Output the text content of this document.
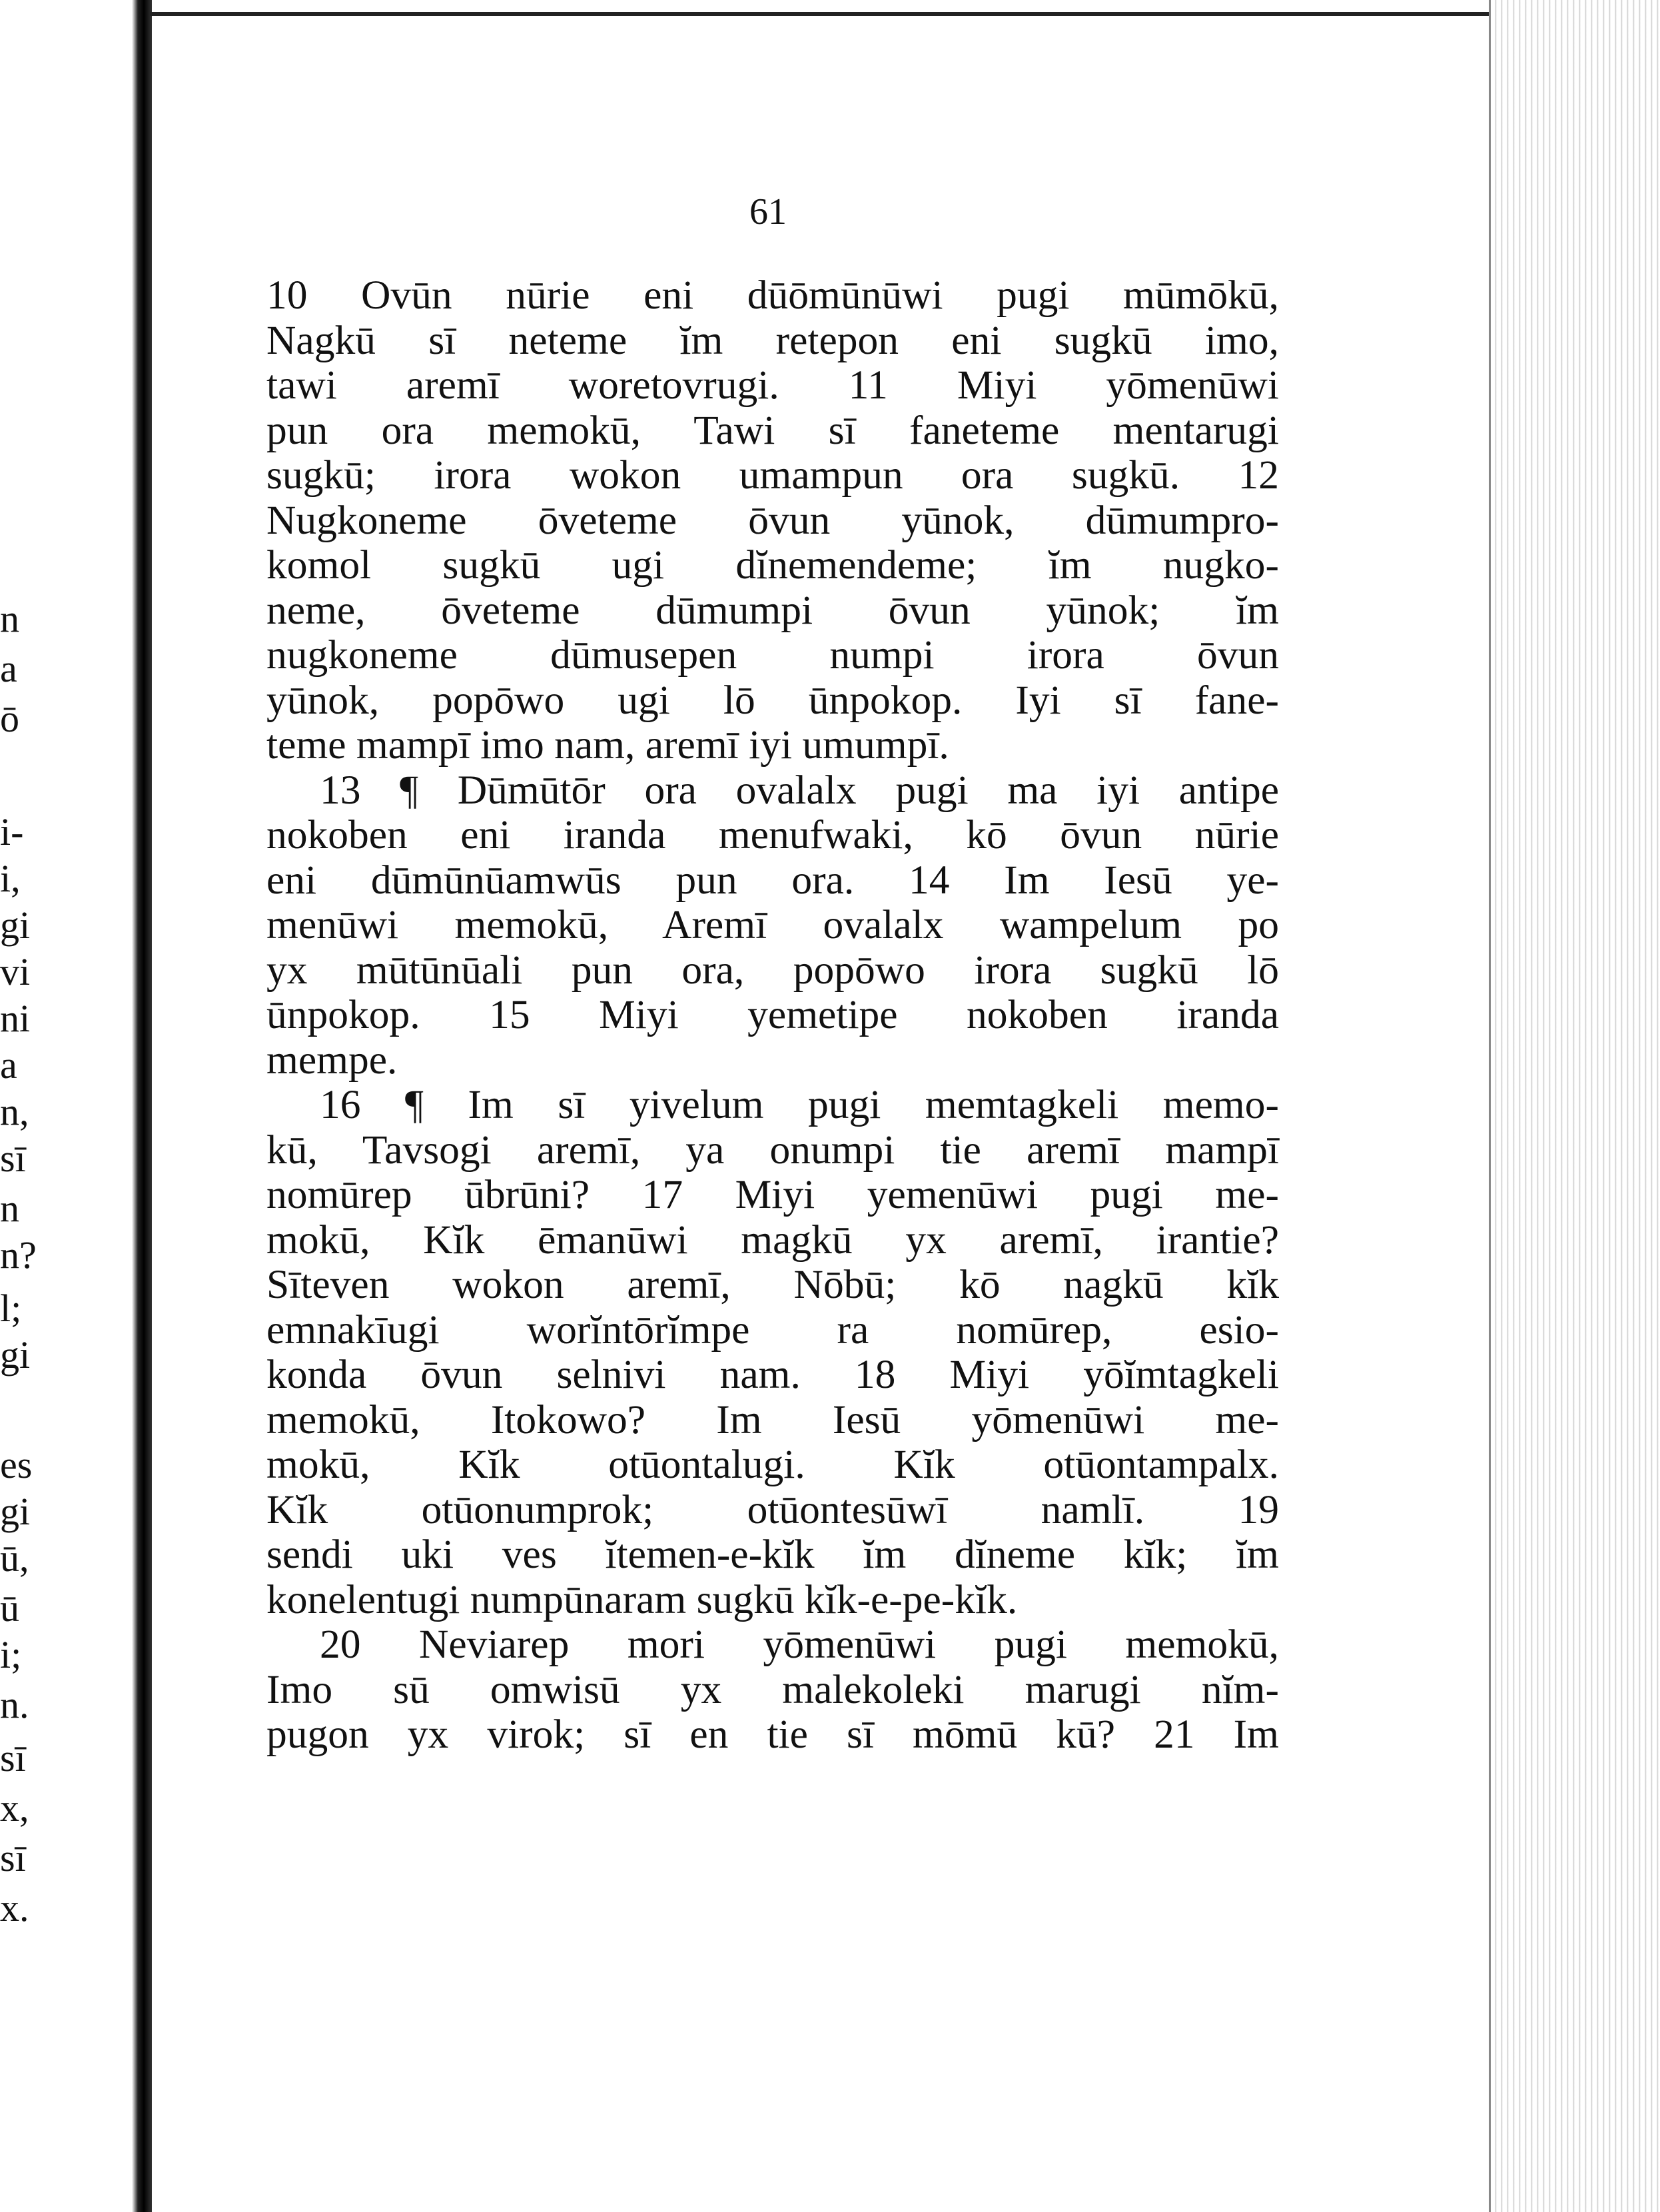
n
a
ō
i-
i,
gi
vi
ni
a
n,
sī
n
n?
l;
gi
es
gi
ū,
ū
i;
n.
sī
x,
sī
x.
61
10 Ovūn nūrie eni dūōmūnūwi pugi mūmōkū,
Nagkū sī neteme ĭm retepon eni sugkū imo,
tawi aremī woretovrugi. 11 Miyi yōmenūwi
pun ora memokū, Tawi sī faneteme mentarugi
sugkū; irora wokon umampun ora sugkū. 12
Nugkoneme ōveteme ōvun yūnok, dūmumpro-
komol sugkū ugi dĭnemendeme; ĭm nugko-
neme, ōveteme dūmumpi ōvun yūnok; ĭm
nugkoneme dūmusepen numpi irora ōvun
yūnok, popōwo ugi lō ūnpokop. Iyi sī fane-
teme mampī imo nam, aremī iyi umumpī.
13 ¶ Dūmūtōr ora ovalalx pugi ma iyi antipe
nokoben eni iranda menufwaki, kō ōvun nūrie
eni dūmūnūamwūs pun ora. 14 Im Iesū ye-
menūwi memokū, Aremī ovalalx wampelum po
yx mūtūnūali pun ora, popōwo irora sugkū lō
ūnpokop. 15 Miyi yemetipe nokoben iranda
mempe.
16 ¶ Im sī yivelum pugi memtagkeli memo-
kū, Tavsogi aremī, ya onumpi tie aremī mampī
nomūrep ūbrūni? 17 Miyi yemenūwi pugi me-
mokū, Kĭk ēmanūwi magkū yx aremī, irantie?
Sīteven wokon aremī, Nōbū; kō nagkū kĭk
emnakīugi worĭntōrĭmpe ra nomūrep, esio-
konda ōvun selnivi nam. 18 Miyi yōĭmtagkeli
memokū, Itokowo? Im Iesū yōmenūwi me-
mokū, Kĭk otūontalugi. Kĭk otūontampalx.
Kĭk otūonumprok; otūontesūwī namlī. 19
sendi uki ves ĭtemen-e-kĭk ĭm dĭneme kĭk; ĭm
konelentugi numpūnaram sugkū kĭk-e-pe-kĭk.
20 Neviarep mori yōmenūwi pugi memokū,
Imo sū omwisū yx malekoleki marugi nĭm-
pugon yx virok; sī en tie sī mōmū kū? 21 Im
